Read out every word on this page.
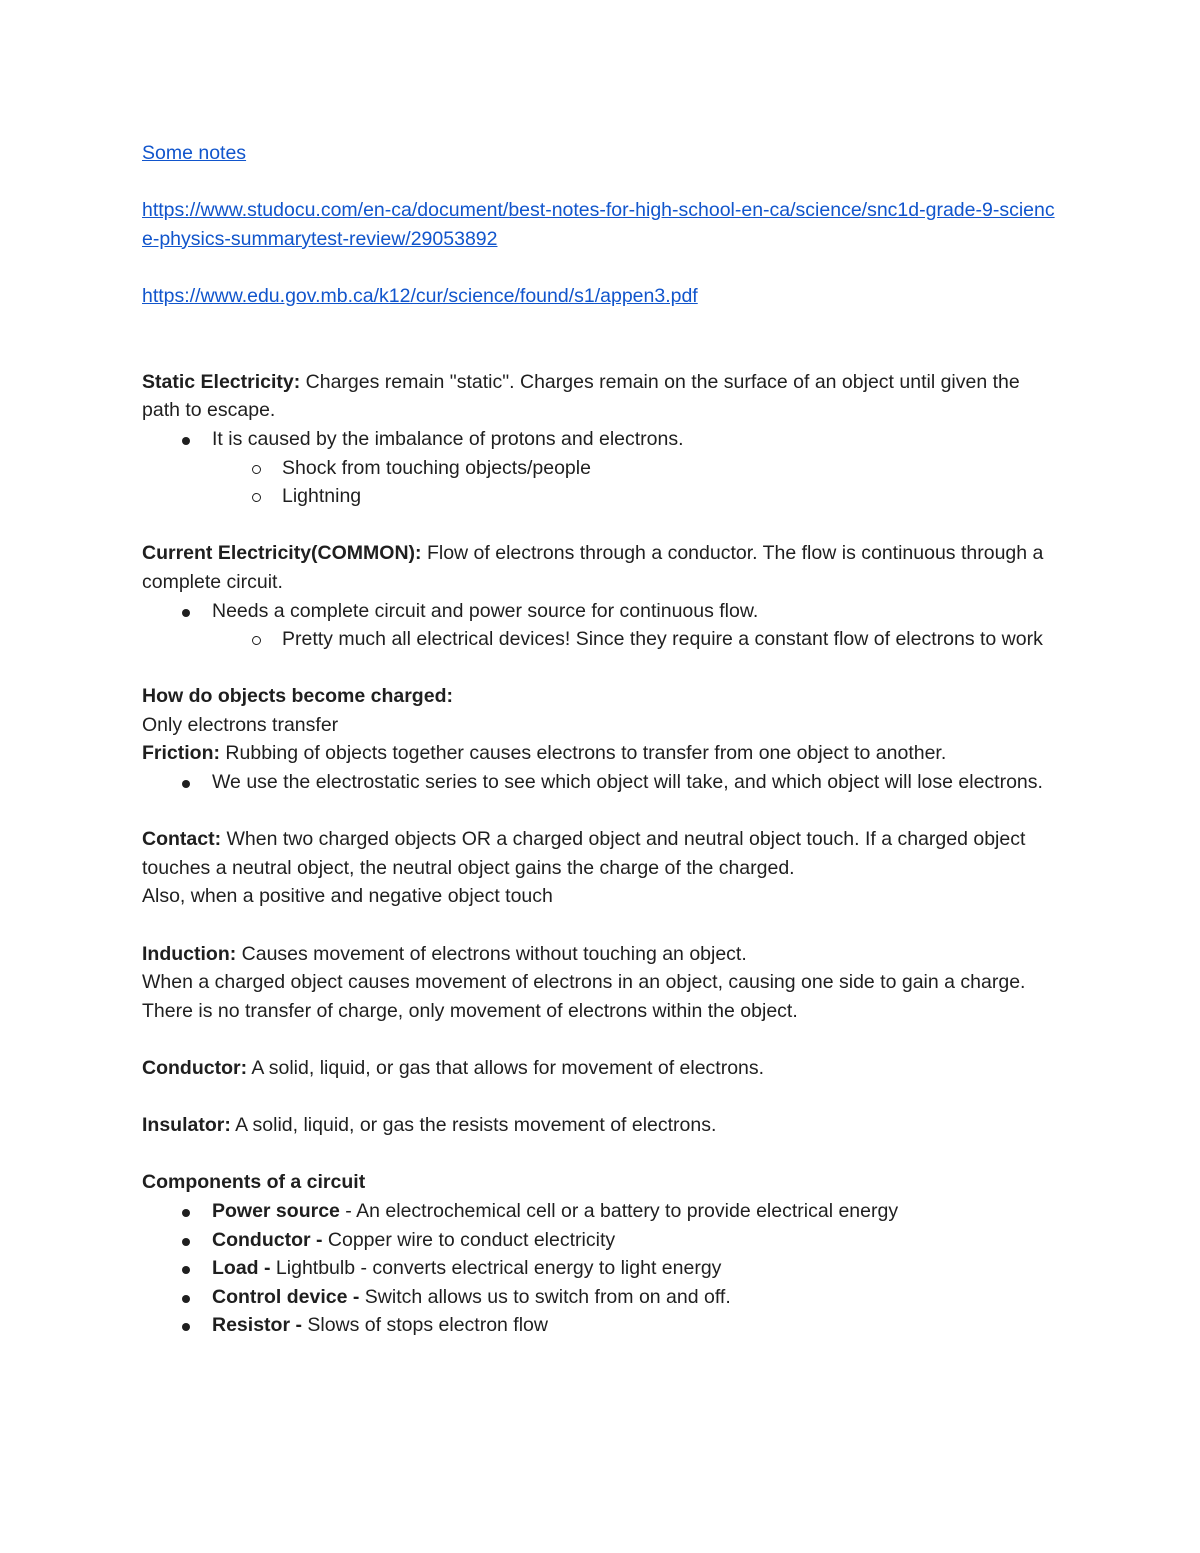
Some notes

https://www.studocu.com/en-ca/document/best-notes-for-high-school-en-ca/science/snc1d-grade-9-science-physics-summarytest-review/29053892

https://www.edu.gov.mb.ca/k12/cur/science/found/s1/appen3.pdf

Static Electricity: Charges remain "static". Charges remain on the surface of an object until given the path to escape.

It is caused by the imbalance of protons and electrons.
Shock from touching objects/people
Lightning

Current Electricity(COMMON): Flow of electrons through a conductor. The flow is continuous through a complete circuit.

Needs a complete circuit and power source for continuous flow.
Pretty much all electrical devices! Since they require a constant flow of electrons to work

How do objects become charged:

Only electrons transfer

Friction: Rubbing of objects together causes electrons to transfer from one object to another.

We use the electrostatic series to see which object will take, and which object will lose electrons.

Contact: When two charged objects OR a charged object and neutral object touch. If a charged object touches a neutral object, the neutral object gains the charge of the charged.

Also, when a positive and negative object touch

Induction: Causes movement of electrons without touching an object.

When a charged object causes movement of electrons in an object, causing one side to gain a charge. There is no transfer of charge, only movement of electrons within the object.

Conductor: A solid, liquid, or gas that allows for movement of electrons.

Insulator: A solid, liquid, or gas the resists movement of electrons.

Components of a circuit

Power source - An electrochemical cell or a battery to provide electrical energy
Conductor - Copper wire to conduct electricity
Load - Lightbulb - converts electrical energy to light energy
Control device - Switch allows us to switch from on and off.
Resistor - Slows of stops electron flow
